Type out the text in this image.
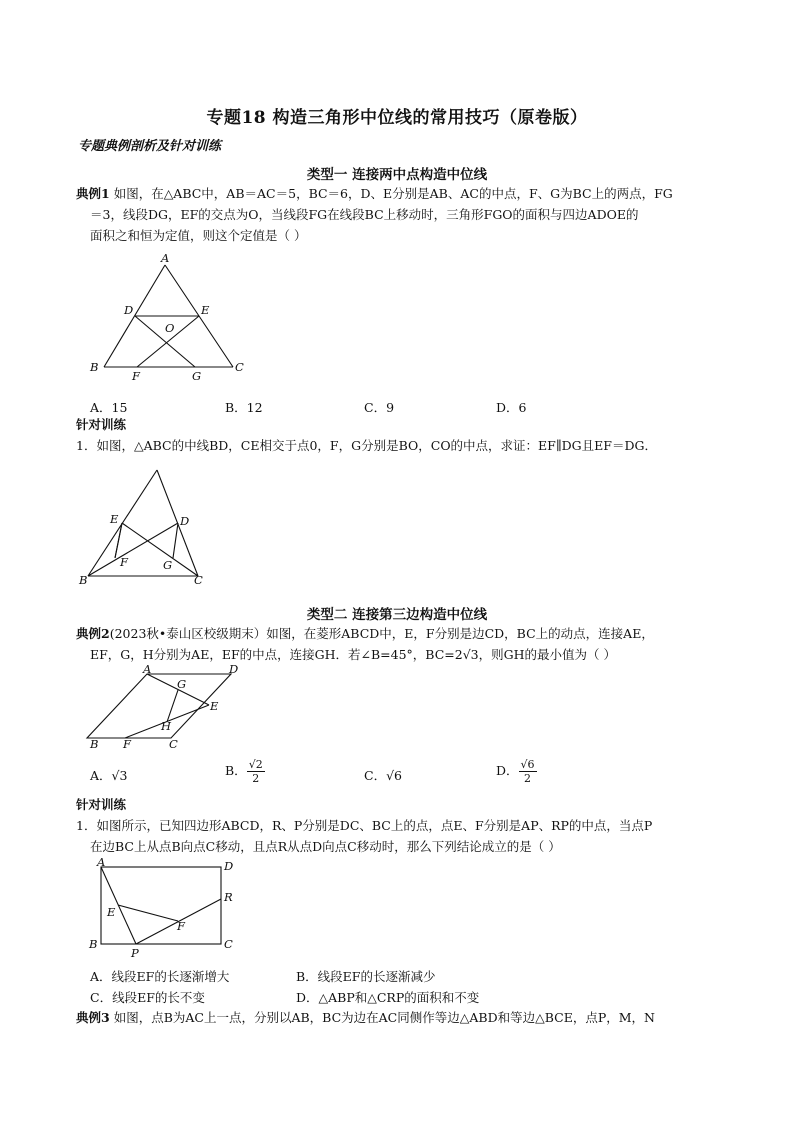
专题18 构造三角形中位线的常用技巧（原卷版）
专题典例剖析及针对训练
类型一 连接两中点构造中位线
典例1 如图，在△ABC中，AB＝AC＝5，BC＝6，D、E分别是AB、AC的中点，F、G为BC上的两点，FG
＝3，线段DG，EF的交点为O，当线段FG在线段BC上移动时，三角形FGO的面积与四边ADOE的
面积之和恒为定值，则这个定值是（ ）
A
B	C
D	E
F	G
O
A．15	B．12	C．9	D．6
针对训练
1．如图，△ABC的中线BD，CE相交于点0，F，G分别是BO，CO的中点，求证：EF∥DG且EF＝DG．
B	C
D
E
F	G
类型二 连接第三边构造中位线
典例2(2023秋•泰山区校级期末）如图，在菱形ABCD中，E，F分别是边CD，BC上的动点，连接AE，
EF，G，H分别为AE，EF的中点，连接GH．若∠B=45°，BC=2√3，则GH的最小值为（ ）
A
B	C
D
E
F
G
H
A．√3	B． $\frac{√2}{2}$	C．√6	D． $\frac{√6}{2}$
针对训练
1．如图所示，已知四边形ABCD，R、P分别是DC、BC上的点，点E、F分别是AP、RP的中点，当点P
在边BC上从点B向点C移动，且点R从点D向点C移动时，那么下列结论成立的是（ ）
A
B	C
D
E
F
P
R
A．线段EF的长逐渐增大	B．线段EF的长逐渐减少
C．线段EF的长不变	D．△ABP和△CRP的面积和不变
典例3 如图，点B为AC上一点，分别以AB，BC为边在AC同侧作等边△ABD和等边△BCE，点P，M，N
